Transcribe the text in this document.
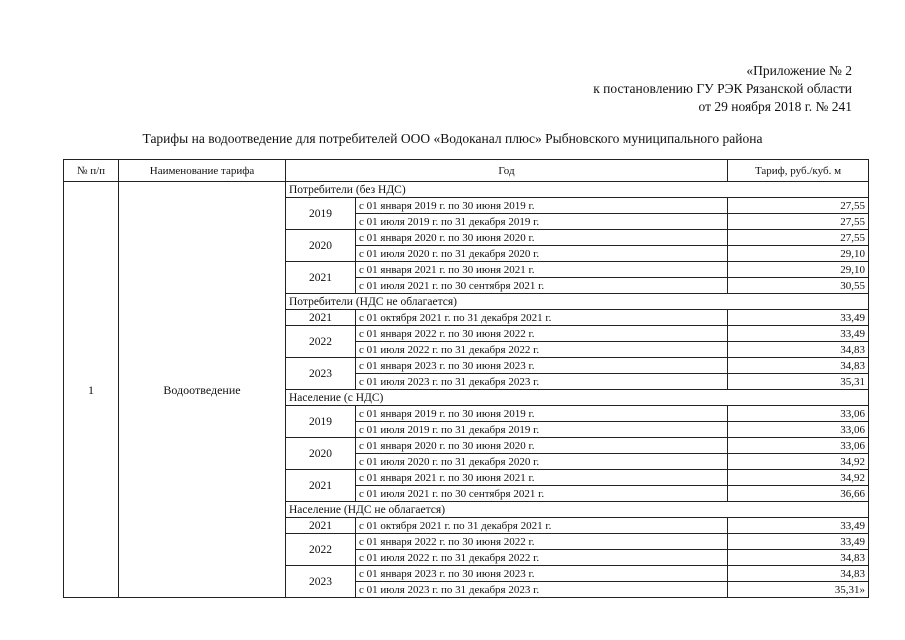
«Приложение № 2
к постановлению ГУ РЭК Рязанской области
от 29 ноября 2018 г. № 241
Тарифы на водоотведение для потребителей ООО «Водоканал плюс» Рыбновского муниципального района
№ п/п	Наименование тарифа	Год		Тариф, руб./куб. м
1	Водоотведение	Потребители (без НДС)		
		2019	с 01 января 2019 г. по 30 июня 2019 г.	27,55
			с 01 июля 2019 г. по 31 декабря 2019 г.	27,55
		2020	с 01 января 2020 г. по 30 июня 2020 г.	27,55
			с 01 июля 2020 г. по 31 декабря 2020 г.	29,10
		2021	с 01 января 2021 г. по 30 июня 2021 г.	29,10
			с 01 июля 2021 г. по 30 сентября 2021 г.	30,55
		Потребители (НДС не облагается)		
		2021	с 01 октября 2021 г. по 31 декабря 2021 г.	33,49
		2022	с 01 января 2022 г. по 30 июня 2022 г.	33,49
			с 01 июля 2022 г. по 31 декабря 2022 г.	34,83
		2023	с 01 января 2023 г. по 30 июня 2023 г.	34,83
			с 01 июля 2023 г. по 31 декабря 2023 г.	35,31
		Население (с НДС)		
		2019	с 01 января 2019 г. по 30 июня 2019 г.	33,06
			с 01 июля 2019 г. по 31 декабря 2019 г.	33,06
		2020	с 01 января 2020 г. по 30 июня 2020 г.	33,06
			с 01 июля 2020 г. по 31 декабря 2020 г.	34,92
		2021	с 01 января 2021 г. по 30 июня 2021 г.	34,92
			с 01 июля 2021 г. по 30 сентября 2021 г.	36,66
		Население (НДС не облагается)		
		2021	с 01 октября 2021 г. по 31 декабря 2021 г.	33,49
		2022	с 01 января 2022 г. по 30 июня 2022 г.	33,49
			с 01 июля 2022 г. по 31 декабря 2022 г.	34,83
		2023	с 01 января 2023 г. по 30 июня 2023 г.	34,83
			с 01 июля 2023 г. по 31 декабря 2023 г.	35,31»
